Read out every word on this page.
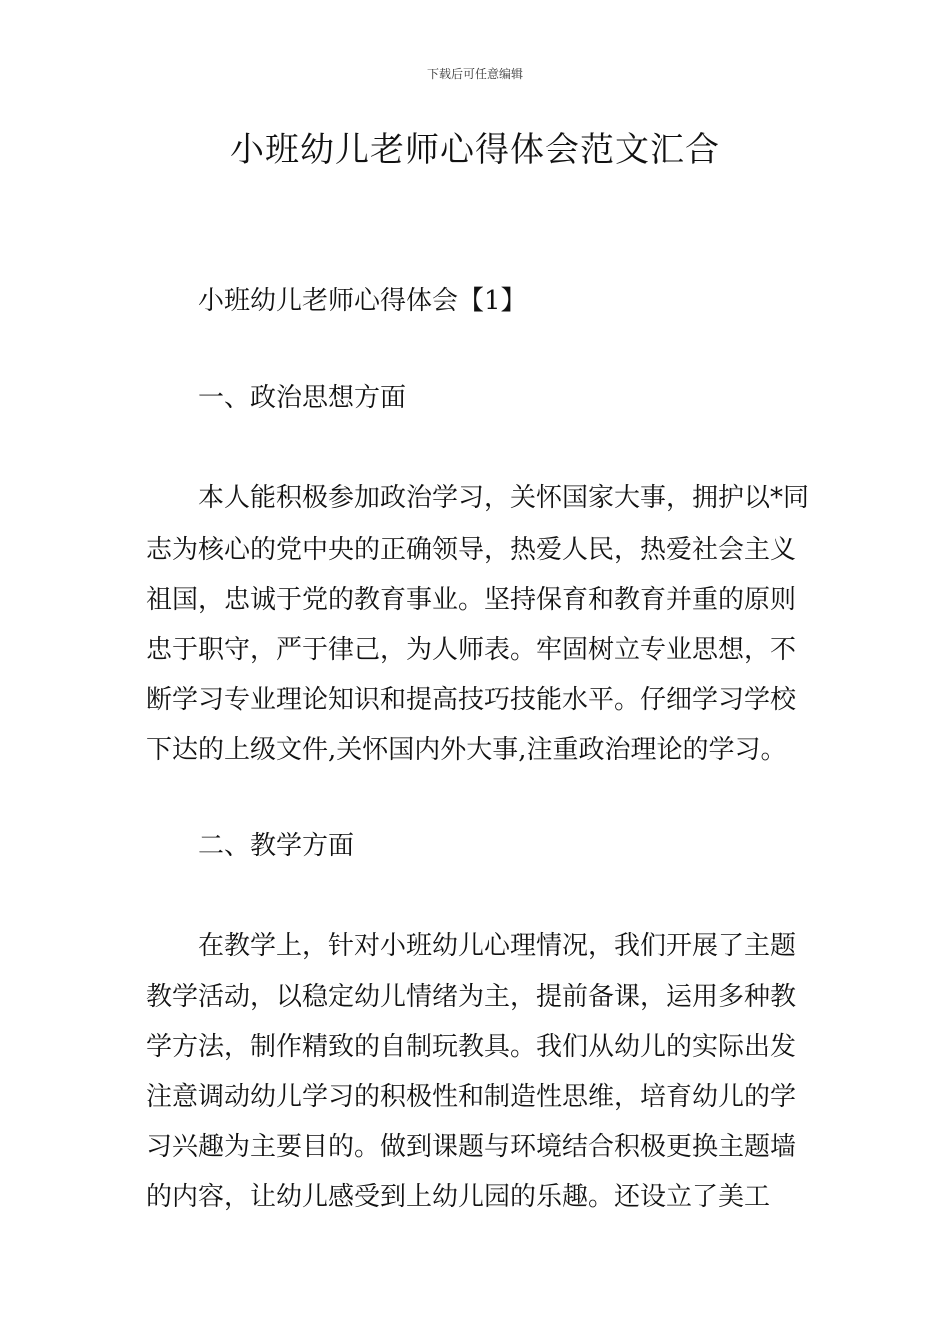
下载后可任意编辑
小班幼儿老师心得体会范文汇合
小班幼儿老师心得体会【1】
一、政治思想方面
本人能积极参加政治学习，关怀国家大事，拥护以*同
志为核心的党中央的正确领导，热爱人民，热爱社会主义
祖国，忠诚于党的教育事业。坚持保育和教育并重的原则
忠于职守，严于律己，为人师表。牢固树立专业思想，不
断学习专业理论知识和提高技巧技能水平。仔细学习学校
下达的上级文件,关怀国内外大事,注重政治理论的学习。
二、教学方面
在教学上，针对小班幼儿心理情况，我们开展了主题
教学活动，以稳定幼儿情绪为主，提前备课，运用多种教
学方法，制作精致的自制玩教具。我们从幼儿的实际出发
注意调动幼儿学习的积极性和制造性思维，培育幼儿的学
习兴趣为主要目的。做到课题与环境结合积极更换主题墙
的内容，让幼儿感受到上幼儿园的乐趣。还设立了美工
